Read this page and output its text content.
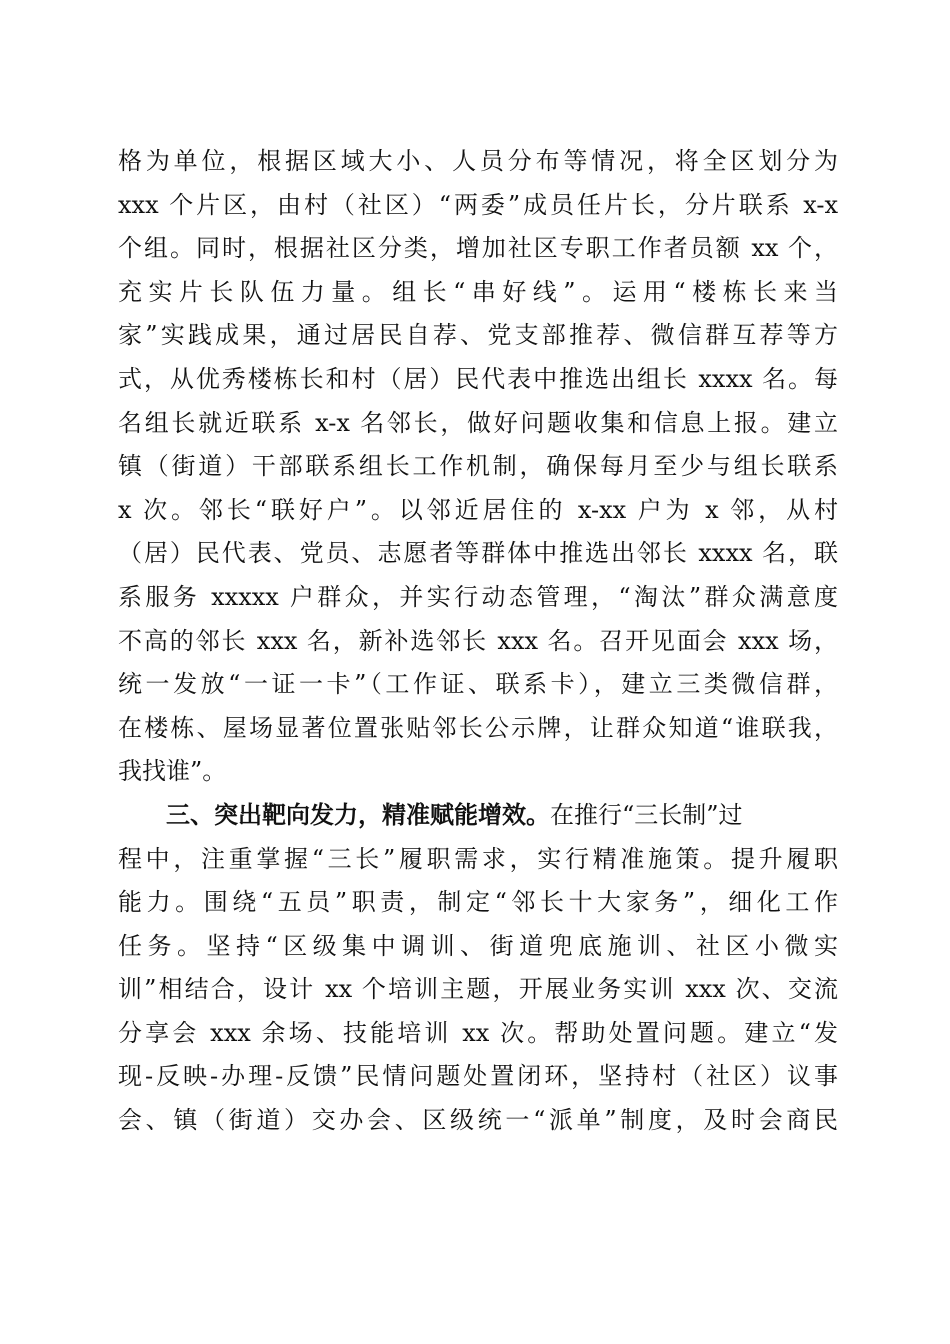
格为单位，根据区域大小、人员分布等情况，将全区划分为
xxx 个片区，由村（社区）“两委”成员任片长，分片联系 x-x
个组。同时，根据社区分类，增加社区专职工作者员额 xx 个，
充实片长队伍力量。组长“串好线”。运用“楼栋长来当
家”实践成果，通过居民自荐、党支部推荐、微信群互荐等方
式，从优秀楼栋长和村（居）民代表中推选出组长 xxxx 名。每
名组长就近联系 x-x 名邻长，做好问题收集和信息上报。建立
镇（街道）干部联系组长工作机制，确保每月至少与组长联系
x 次。邻长“联好户”。以邻近居住的 x-xx 户为 x 邻，从村
（居）民代表、党员、志愿者等群体中推选出邻长 xxxx 名，联
系服务 xxxxx 户群众，并实行动态管理，“淘汰”群众满意度
不高的邻长 xxx 名，新补选邻长 xxx 名。召开见面会 xxx 场，
统一发放“一证一卡”（工作证、联系卡），建立三类微信群，
在楼栋、屋场显著位置张贴邻长公示牌，让群众知道“谁联我，
我找谁”。
三、突出靶向发力，精准赋能增效。在推行“三长制”过
程中，注重掌握“三长”履职需求，实行精准施策。提升履职
能力。围绕“五员”职责，制定“邻长十大家务”，细化工作
任务。坚持“区级集中调训、街道兜底施训、社区小微实
训”相结合，设计 xx 个培训主题，开展业务实训 xxx 次、交流
分享会 xxx 余场、技能培训 xx 次。帮助处置问题。建立“发
现-反映-办理-反馈”民情问题处置闭环，坚持村（社区）议事
会、镇（街道）交办会、区级统一“派单”制度，及时会商民
